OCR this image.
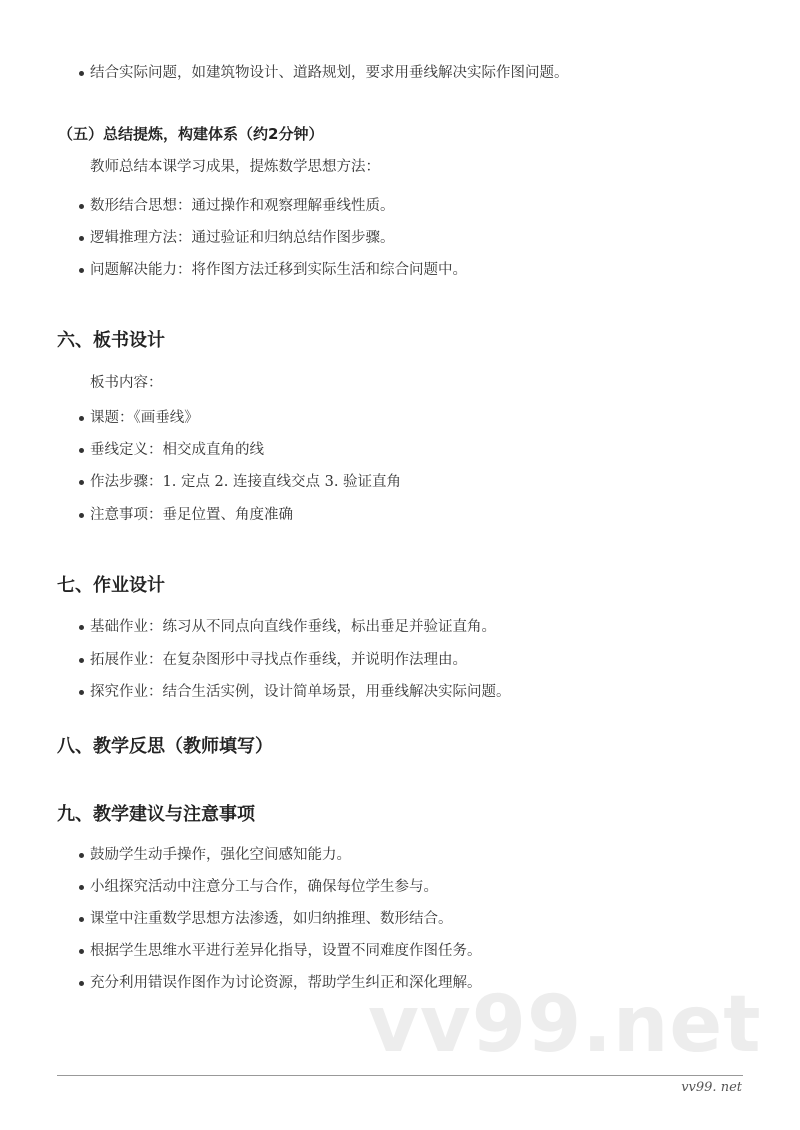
结合实际问题，如建筑物设计、道路规划，要求用垂线解决实际作图问题。
（五）总结提炼，构建体系（约2分钟）
教师总结本课学习成果，提炼数学思想方法：
数形结合思想：通过操作和观察理解垂线性质。
逻辑推理方法：通过验证和归纳总结作图步骤。
问题解决能力：将作图方法迁移到实际生活和综合问题中。
六、板书设计
板书内容：
课题：《画垂线》
垂线定义：相交成直角的线
作法步骤：1. 定点 2. 连接直线交点 3. 验证直角
注意事项：垂足位置、角度准确
七、作业设计
基础作业：练习从不同点向直线作垂线，标出垂足并验证直角。
拓展作业：在复杂图形中寻找点作垂线，并说明作法理由。
探究作业：结合生活实例，设计简单场景，用垂线解决实际问题。
八、教学反思（教师填写）
九、教学建议与注意事项
鼓励学生动手操作，强化空间感知能力。
小组探究活动中注意分工与合作，确保每位学生参与。
课堂中注重数学思想方法渗透，如归纳推理、数形结合。
根据学生思维水平进行差异化指导，设置不同难度作图任务。
充分利用错误作图作为讨论资源，帮助学生纠正和深化理解。
vv99.net
vv99. net
